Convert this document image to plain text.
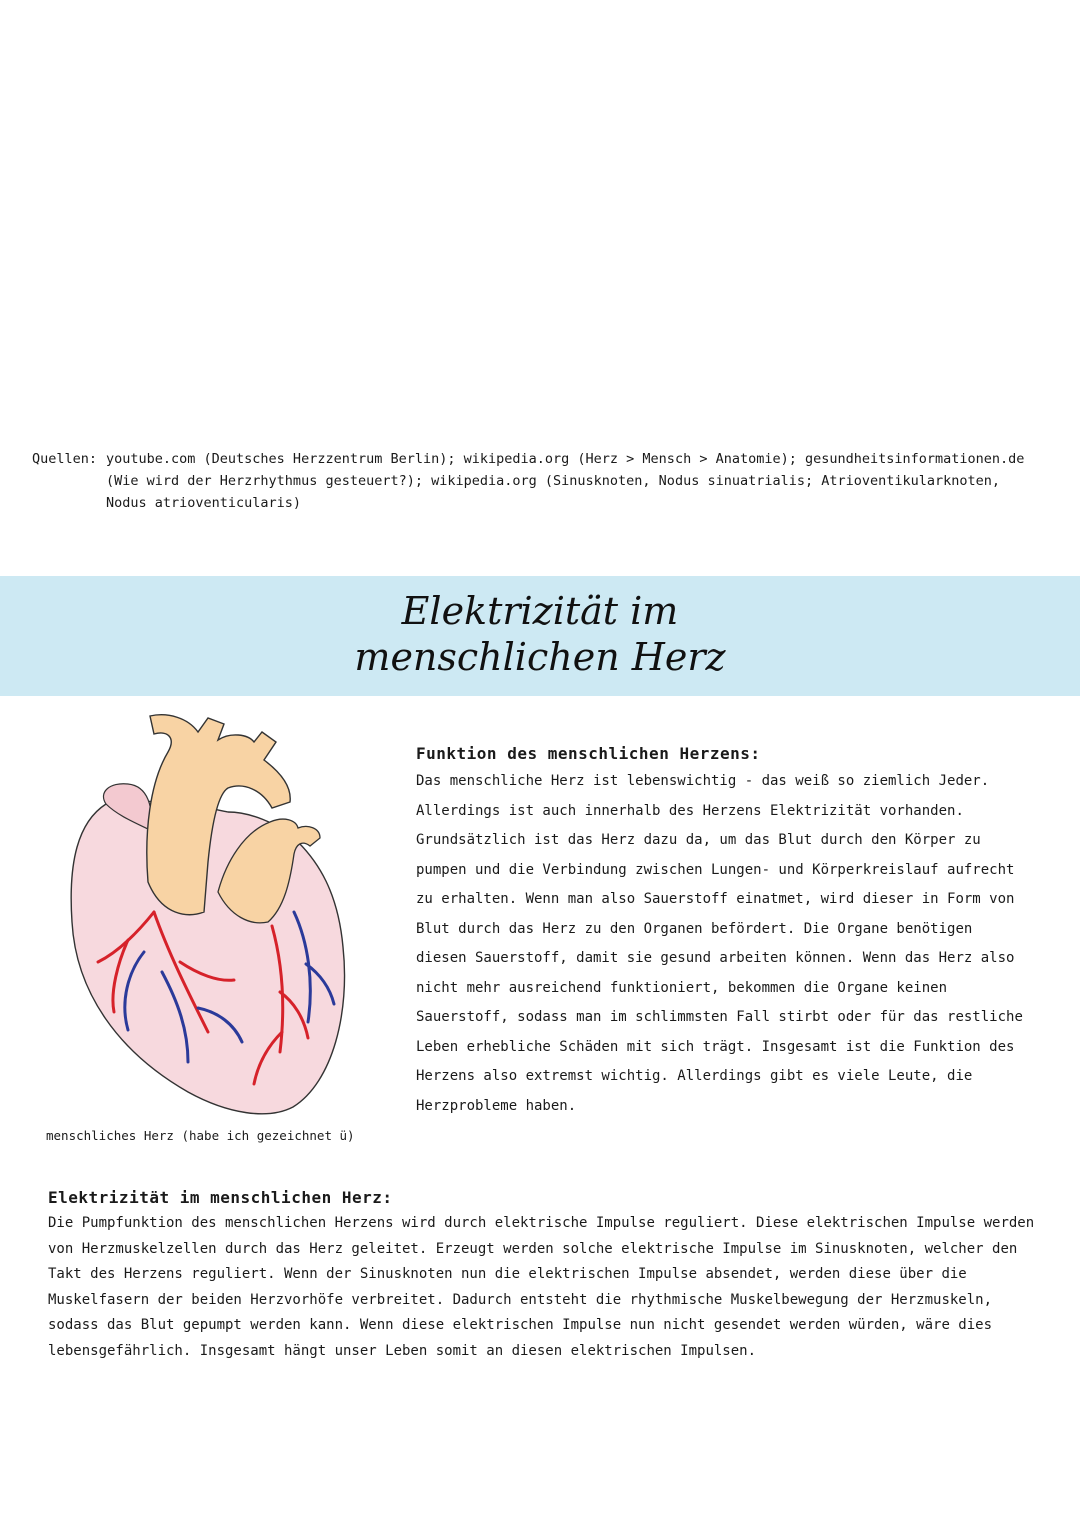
Quellen: youtube.com (Deutsches Herzzentrum Berlin); wikipedia.org (Herz > Mensch > Anatomie); gesundheitsinformationen.de (Wie wird der Herzrhythmus gesteuert?); wikipedia.org (Sinusknoten, Nodus sinuatrialis; Atrioventikularknoten, Nodus atrioventicularis)
Elektrizität im
menschlichen Herz
menschliches Herz (habe ich gezeichnet ü)
Funktion des menschlichen Herzens:

Das menschliche Herz ist lebenswichtig - das weiß so ziemlich Jeder. Allerdings ist auch innerhalb des Herzens Elektrizität vorhanden. Grundsätzlich ist das Herz dazu da, um das Blut durch den Körper zu pumpen und die Verbindung zwischen Lungen- und Körperkreislauf aufrecht zu erhalten. Wenn man also Sauerstoff einatmet, wird dieser in Form von Blut durch das Herz zu den Organen befördert. Die Organe benötigen diesen Sauerstoff, damit sie gesund arbeiten können. Wenn das Herz also nicht mehr ausreichend funktioniert, bekommen die Organe keinen Sauerstoff, sodass man im schlimmsten Fall stirbt oder für das restliche Leben erhebliche Schäden mit sich trägt. Insgesamt ist die Funktion des Herzens also extremst wichtig. Allerdings gibt es viele Leute, die Herzprobleme haben.

Elektrizität im menschlichen Herz:

Die Pumpfunktion des menschlichen Herzens wird durch elektrische Impulse reguliert. Diese elektrischen Impulse werden von Herzmuskelzellen durch das Herz geleitet. Erzeugt werden solche elektrische Impulse im Sinusknoten, welcher den Takt des Herzens reguliert. Wenn der Sinusknoten nun die elektrischen Impulse absendet, werden diese über die Muskelfasern der beiden Herzvorhöfe verbreitet. Dadurch entsteht die rhythmische Muskelbewegung der Herzmuskeln, sodass das Blut gepumpt werden kann. Wenn diese elektrischen Impulse nun nicht gesendet werden würden, wäre dies lebensgefährlich. Insgesamt hängt unser Leben somit an diesen elektrischen Impulsen.
